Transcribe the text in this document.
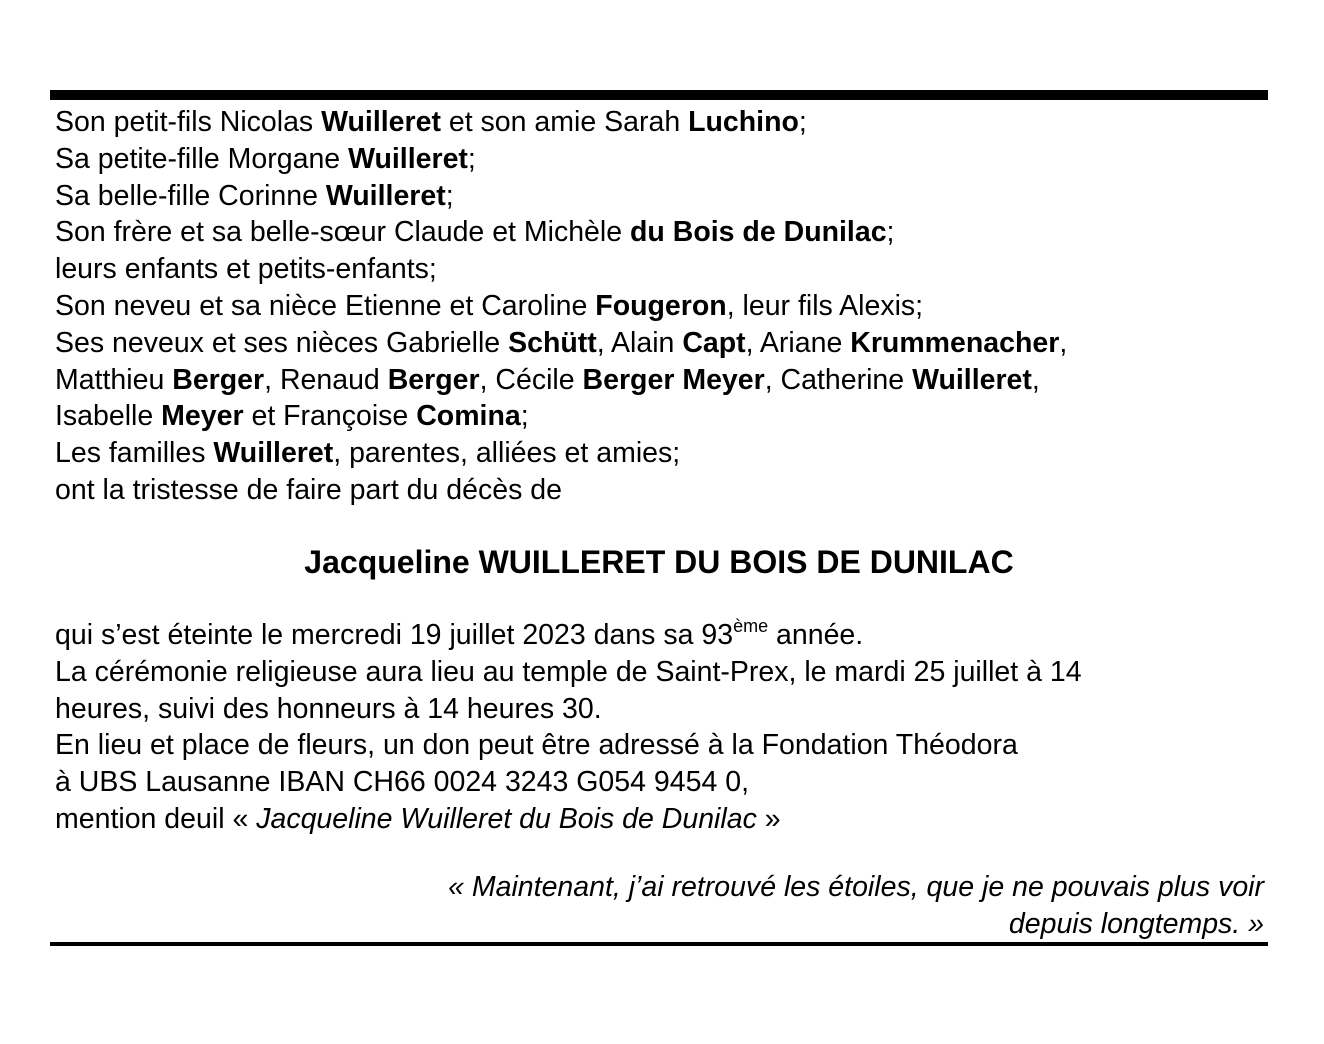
Son petit-fils Nicolas Wuilleret et son amie Sarah Luchino;
Sa petite-fille Morgane Wuilleret;
Sa belle-fille Corinne Wuilleret;
Son frère et sa belle-sœur Claude et Michèle du Bois de Dunilac;
leurs enfants et petits-enfants;
Son neveu et sa nièce Etienne et Caroline Fougeron, leur fils Alexis;
Ses neveux et ses nièces Gabrielle Schütt, Alain Capt, Ariane Krummenacher,
Matthieu Berger, Renaud Berger, Cécile Berger Meyer, Catherine Wuilleret,
Isabelle Meyer et Françoise Comina;
Les familles Wuilleret, parentes, alliées et amies;
ont la tristesse de faire part du décès de
Jacqueline WUILLERET DU BOIS DE DUNILAC
qui s’est éteinte le mercredi 19 juillet 2023 dans sa 93ème année.
La cérémonie religieuse aura lieu au temple de Saint-Prex, le mardi 25 juillet à 14
heures, suivi des honneurs à 14 heures 30.
En lieu et place de fleurs, un don peut être adressé à la Fondation Théodora
à UBS Lausanne IBAN CH66 0024 3243 G054 9454 0,
mention deuil « Jacqueline Wuilleret du Bois de Dunilac »
« Maintenant, j’ai retrouvé les étoiles, que je ne pouvais plus voir
depuis longtemps. »
